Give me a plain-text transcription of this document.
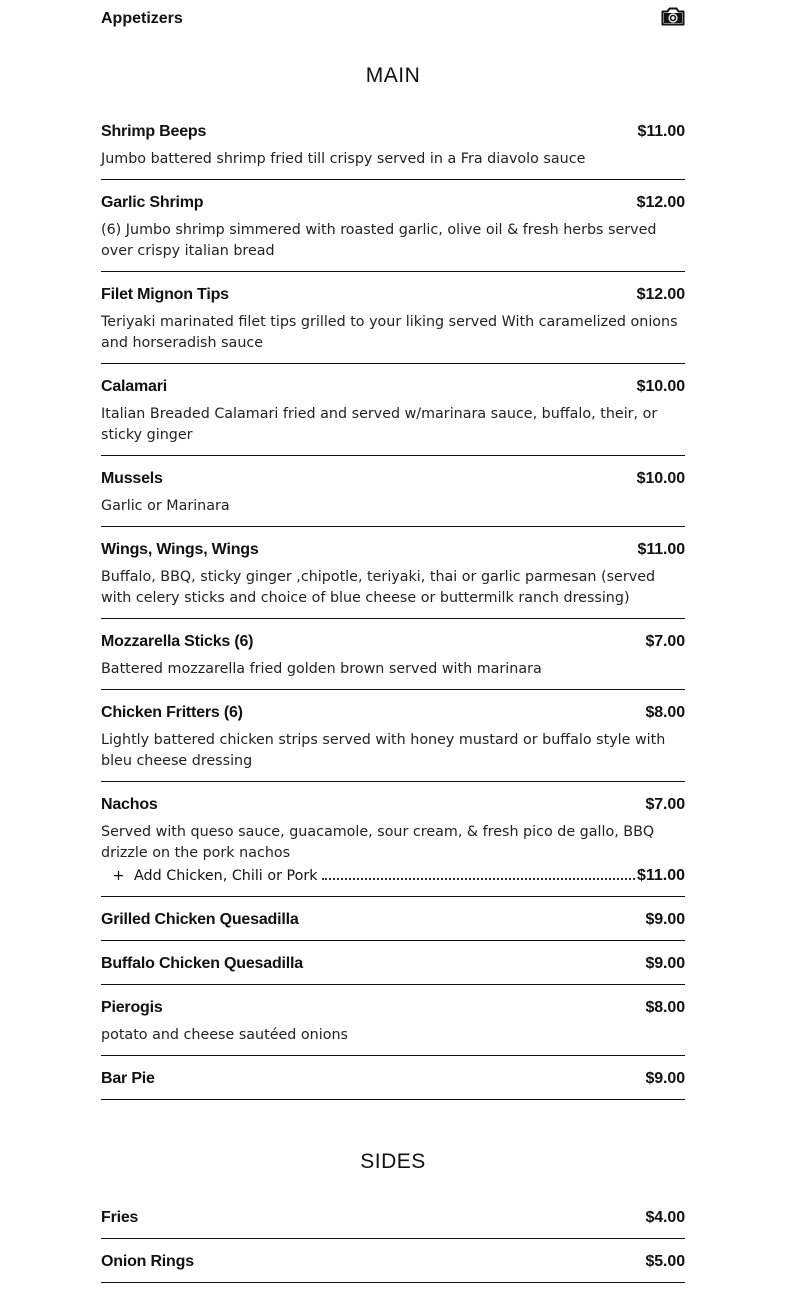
Appetizers
MAIN
Shrimp Beeps	$11.00
Jumbo battered shrimp fried till crispy served in a Fra diavolo sauce
Garlic Shrimp	$12.00
(6) Jumbo shrimp simmered with roasted garlic, olive oil & fresh herbs served over crispy italian bread
Filet Mignon Tips	$12.00
Teriyaki marinated filet tips grilled to your liking served With caramelized onions and horseradish sauce
Calamari	$10.00
Italian Breaded Calamari fried and served w/marinara sauce, buffalo, their, or sticky ginger
Mussels	$10.00
Garlic or Marinara
Wings, Wings, Wings	$11.00
Buffalo, BBQ, sticky ginger ,chipotle, teriyaki, thai or garlic parmesan (served with celery sticks and choice of blue cheese or buttermilk ranch dressing)
Mozzarella Sticks (6)	$7.00
Battered mozzarella fried golden brown served with marinara
Chicken Fritters (6)	$8.00
Lightly battered chicken strips served with honey mustard or buffalo style with bleu cheese dressing
Nachos	$7.00
Served with queso sauce, guacamole, sour cream, & fresh pico de gallo, BBQ drizzle on the pork nachos
+ Add Chicken, Chili or Pork	$11.00
Grilled Chicken Quesadilla	$9.00
Buffalo Chicken Quesadilla	$9.00
Pierogis	$8.00
potato and cheese sautéed onions
Bar Pie	$9.00
SIDES
Fries	$4.00
Onion Rings	$5.00
